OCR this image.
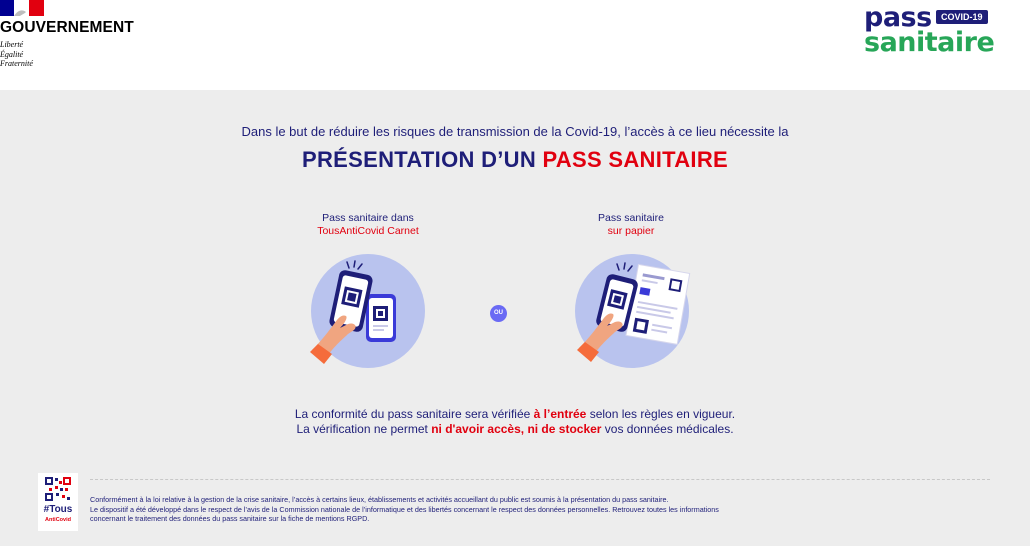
GOUVERNEMENT
Liberté
Égalité
Fraternité
pass	COVID-19
sanitaire
Dans le but de réduire les risques de transmission de la Covid-19, l’accès à ce lieu nécessite la
PRÉSENTATION D’UN PASS SANITAIRE
Pass sanitaire dans
TousAntiCovid Carnet
OU
Pass sanitaire
sur papier
La conformité du pass sanitaire sera vérifiée à l’entrée selon les règles en vigueur.
La vérification ne permet ni d'avoir accès, ni de stocker vos données médicales.
#Tous
AntiCovid
Conformément à la loi relative à la gestion de la crise sanitaire, l’accès à certains lieux, établissements et activités accueillant du public est soumis à la présentation du pass sanitaire.
Le dispositif a été développé dans le respect de l’avis de la Commission nationale de l’informatique et des libertés concernant le respect des données personnelles. Retrouvez toutes les informations
concernant le traitement des données du pass sanitaire sur la fiche de mentions RGPD.
